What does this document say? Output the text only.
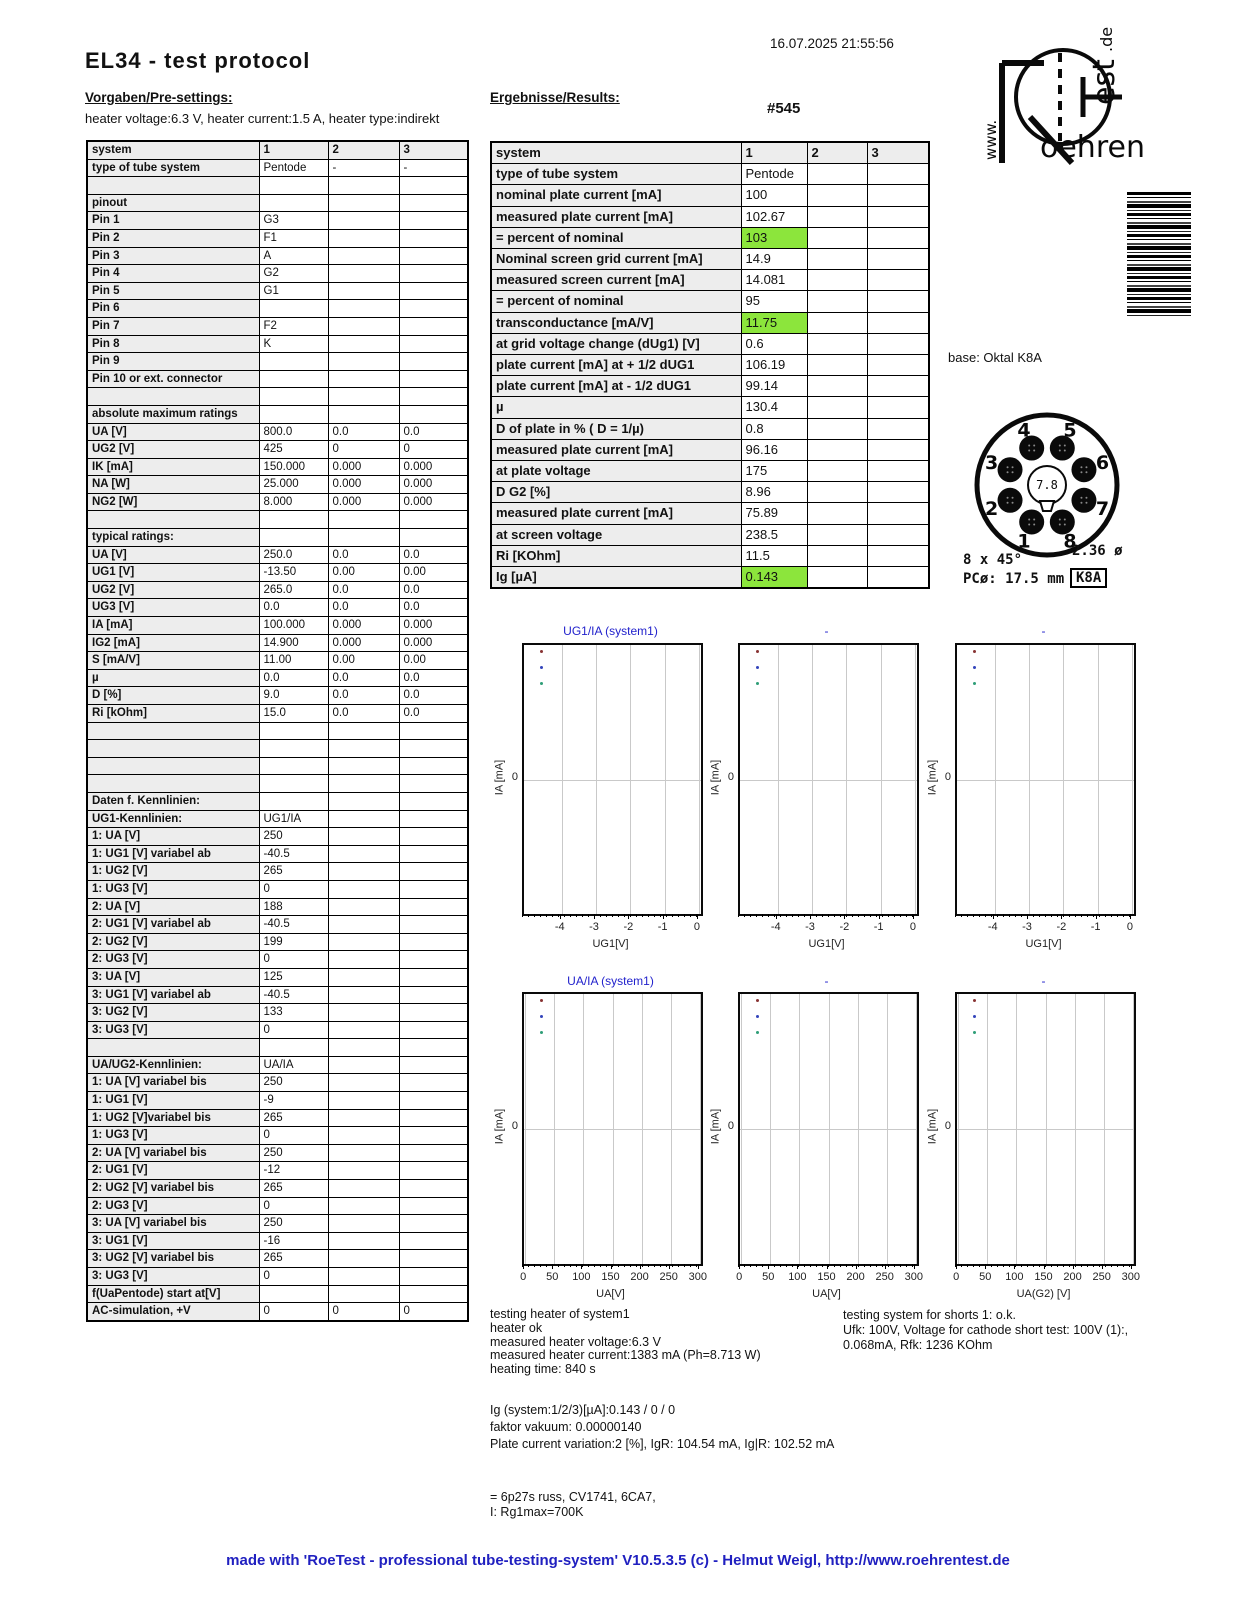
EL34 - test protocol
16.07.2025 21:55:56
Vorgaben/Pre-settings:
heater voltage:6.3 V, heater current:1.5 A, heater type:indirekt
Ergebnisse/Results:
#545
oehren
est
.de
www.
base: Oktal K8A
1
2
3
4 5
6
7
8
7.8
8 x 45°
2.36 ø
PCø: 17.5 mm K8A
system	1	2	3
type of tube system	Pentode	-	-

pinout			
Pin 1	G3		
Pin 2	F1		
Pin 3	A		
Pin 4	G2		
Pin 5	G1		
Pin 6			
Pin 7	F2		
Pin 8	K		
Pin 9			
Pin 10 or ext. connector			

absolute maximum ratings			
UA [V]	800.0	0.0	0.0
UG2 [V]	425	0	0
IK [mA]	150.000	0.000	0.000
NA [W]	25.000	0.000	0.000
NG2 [W]	8.000	0.000	0.000

typical ratings:			
UA [V]	250.0	0.0	0.0
UG1 [V]	-13.50	0.00	0.00
UG2 [V]	265.0	0.0	0.0
UG3 [V]	0.0	0.0	0.0
IA [mA]	100.000	0.000	0.000
IG2 [mA]	14.900	0.000	0.000
S [mA/V]	11.00	0.00	0.00
µ	0.0	0.0	0.0
D [%]	9.0	0.0	0.0
Ri [kOhm]	15.0	0.0	0.0

Daten f. Kennlinien:			
UG1-Kennlinien:	UG1/IA		
1: UA [V]	250		
1: UG1 [V] variabel ab	-40.5		
1: UG2 [V]	265		
1: UG3 [V]	0		
2: UA [V]	188		
2: UG1 [V] variabel ab	-40.5		
2: UG2 [V]	199		
2: UG3 [V]	0		
3: UA [V]	125		
3: UG1 [V] variabel ab	-40.5		
3: UG2 [V]	133		
3: UG3 [V]	0		

UA/UG2-Kennlinien:	UA/IA		
1: UA [V] variabel bis	250		
1: UG1 [V]	-9		
1: UG2 [V]variabel bis	265		
1: UG3 [V]	0		
2: UA [V] variabel bis	250		
2: UG1 [V]	-12		
2: UG2 [V] variabel bis	265		
2: UG3 [V]	0		
3: UA [V] variabel bis	250		
3: UG1 [V]	-16		
3: UG2 [V] variabel bis	265		
3: UG3 [V]	0		
f(UaPentode) start at[V]			
AC-simulation, +V	0	0	0
system	1	2	3
type of tube system	Pentode		
nominal plate current [mA]	100		
measured plate current [mA]	102.67		
= percent of nominal	103		
Nominal screen grid current [mA]	14.9		
measured screen current [mA]	14.081		
= percent of nominal	95		
transconductance [mA/V]	11.75		
at grid voltage change (dUg1) [V]	0.6		
plate current [mA] at + 1/2 dUG1	106.19		
plate current [mA] at - 1/2 dUG1	99.14		
µ	130.4		
D of plate in % ( D = 1/µ)	0.8		
measured plate current [mA]	96.16		
at plate voltage	175		
D G2 [%]	8.96		
measured plate current [mA]	75.89		
at screen voltage	238.5		
Ri [KOhm]	11.5		
Ig [µA]	0.143		
UG1/IA (system1)
IA [mA] 0
-4	-3	-2	-1	0
UG1[V]
-
IA [mA] 0
-4	-3	-2	-1	0
UG1[V]
-
IA [mA] 0
-4	-3	-2	-1	0
UG1[V]
UA/IA (system1)
IA [mA] 0
0	50	100 150 200 250 300
UA[V]
-
IA [mA] 0
0	50	100 150 200 250 300
UA[V]
-
IA [mA] 0
0	50	100 150 200 250 300
UA(G2) [V]
testing heater of system1
heater ok
measured heater voltage:6.3 V
measured heater current:1383 mA (Ph=8.713 W)
heating time: 840 s
testing system for shorts 1: o.k.
Ufk: 100V, Voltage for cathode short test: 100V (1):,
0.068mA, Rfk: 1236 KOhm
Ig (system:1/2/3)[µA]:0.143 / 0 / 0
faktor vakuum: 0.00000140
Plate current variation:2 [%], IgR: 104.54 mA, Ig|R: 102.52 mA
= 6p27s russ, CV1741, 6CA7,
I: Rg1max=700K
made with 'RoeTest - professional tube-testing-system' V10.5.3.5 (c) - Helmut Weigl, http://www.roehrentest.de
